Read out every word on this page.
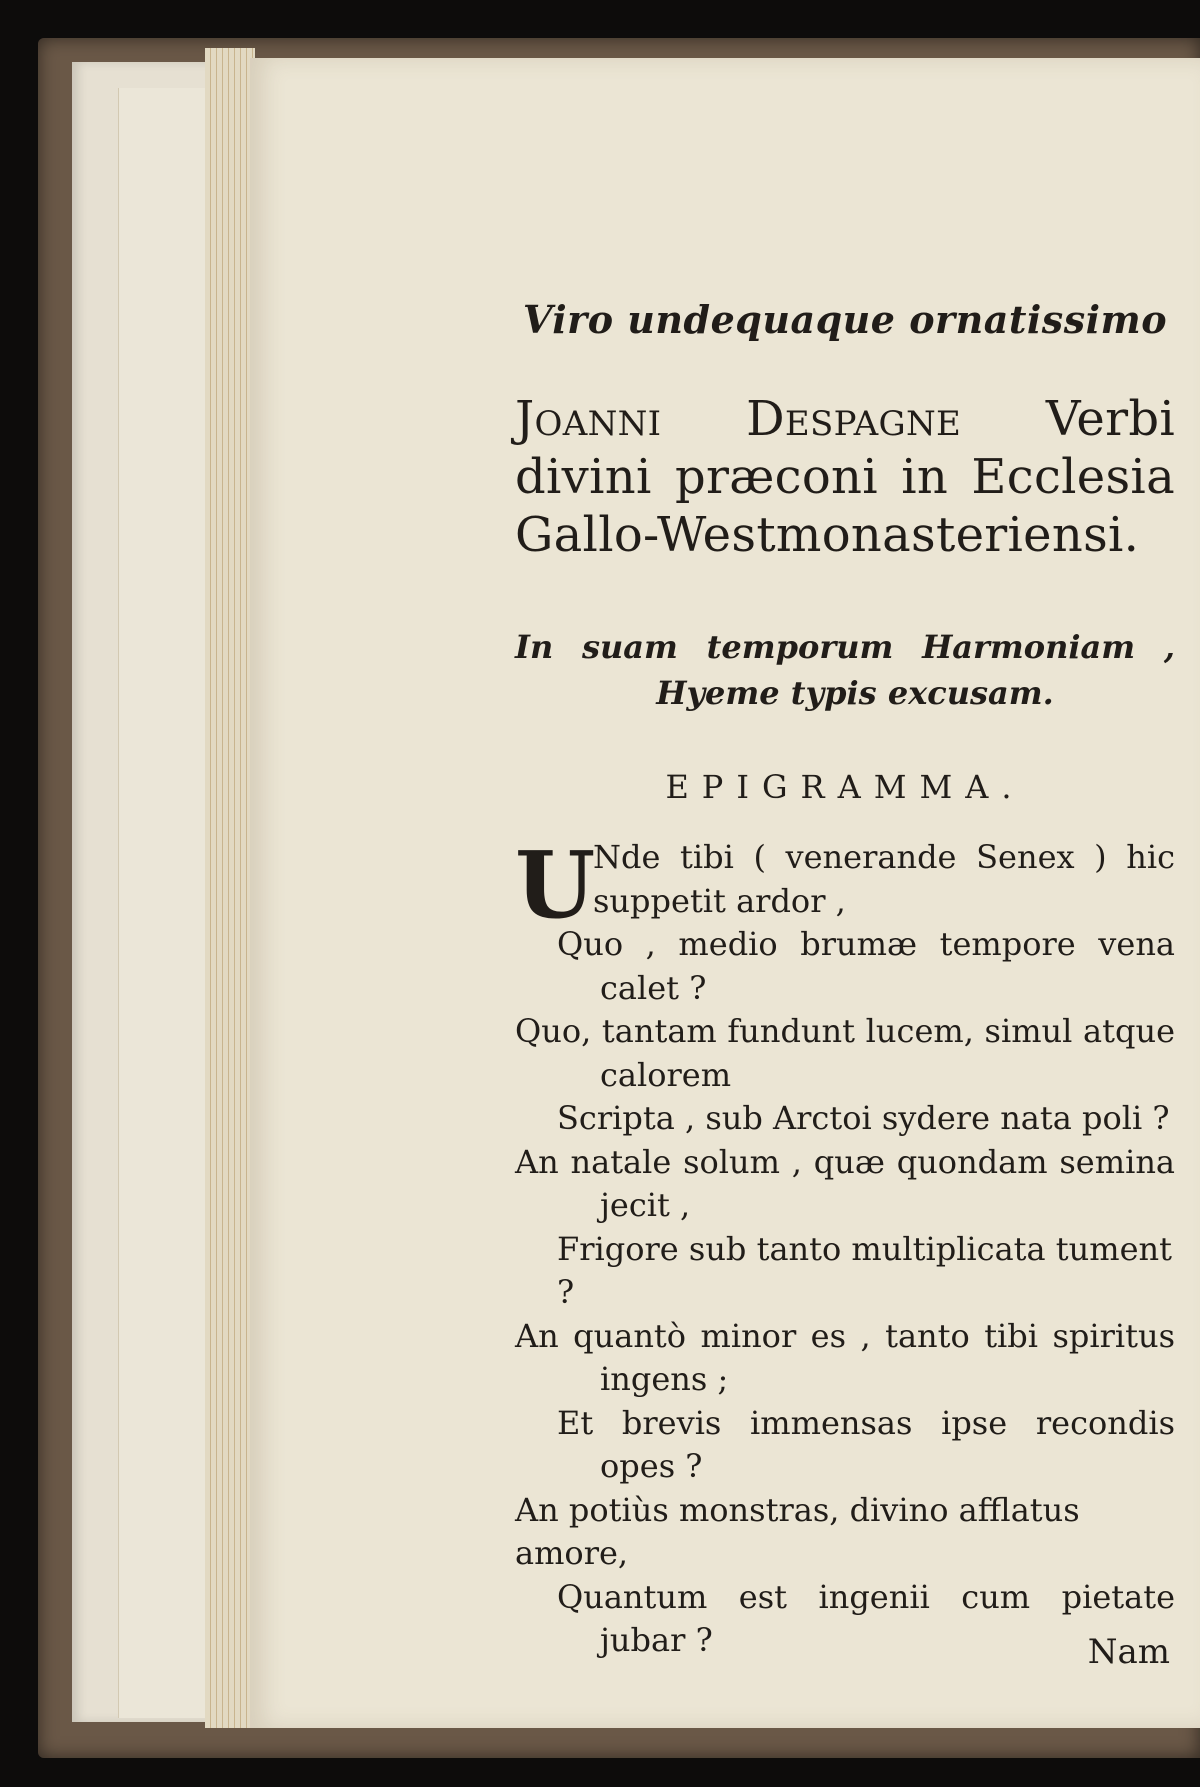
Viro undequaque ornatissimo

Joanni Despagne Verbi divini præconi in Ecclesia Gallo-Westmonasteriensi.

In suam temporum Harmoniam ,
Hyeme typis excusam.
EPIGRAMMA.
U
Nde tibi ( venerande Senex ) hic
suppetit ardor ,
Quo , medio brumæ tempore vena
calet ?
Quo, tantam fundunt lucem, simul atque
calorem
Scripta , sub Arctoi sydere nata poli ?
An natale solum , quæ quondam semina
jecit ,
Frigore sub tanto multiplicata tument ?
An quantò minor es , tanto tibi spiritus
ingens ;
Et brevis immensas ipse recondis
opes ?
An potiùs monstras, divino afflatus amore,
Quantum est ingenii cum pietate
jubar ?	Nam
